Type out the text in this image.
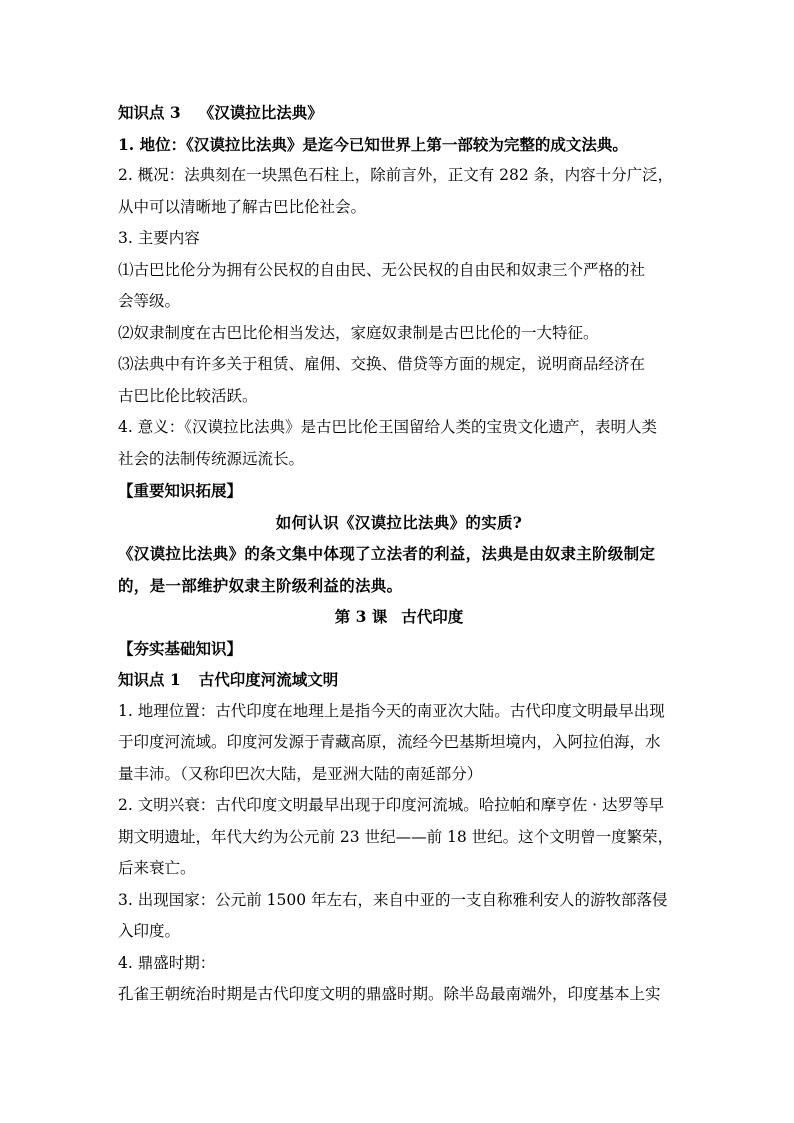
知识点 3 《汉谟拉比法典》
1. 地位：《汉谟拉比法典》是迄今已知世界上第一部较为完整的成文法典。
2. 概况：法典刻在一块黑色石柱上，除前言外，正文有 282 条，内容十分广泛，
从中可以清晰地了解古巴比伦社会。
3. 主要内容
⑴古巴比伦分为拥有公民权的自由民、无公民权的自由民和奴隶三个严格的社
会等级。
⑵奴隶制度在古巴比伦相当发达，家庭奴隶制是古巴比伦的一大特征。
⑶法典中有许多关于租赁、雇佣、交换、借贷等方面的规定，说明商品经济在
古巴比伦比较活跃。
4. 意义：《汉谟拉比法典》是古巴比伦王国留给人类的宝贵文化遗产，表明人类
社会的法制传统源远流长。
【重要知识拓展】
如何认识《汉谟拉比法典》的实质?
《汉谟拉比法典》的条文集中体现了立法者的利益，法典是由奴隶主阶级制定
的，是一部维护奴隶主阶级利益的法典。
第 3 课 古代印度
【夯实基础知识】
知识点 1 古代印度河流域文明
1. 地理位置：古代印度在地理上是指今天的南亚次大陆。古代印度文明最早出现
于印度河流域。印度河发源于青藏高原，流经今巴基斯坦境内，入阿拉伯海，水
量丰沛。（又称印巴次大陆，是亚洲大陆的南延部分）
2. 文明兴衰：古代印度文明最早出现于印度河流城。哈拉帕和摩亨佐 · 达罗等早
期文明遗址，年代大约为公元前 23 世纪——前 18 世纪。这个文明曾一度繁荣，
后来衰亡。
3. 出现国家：公元前 1500 年左右，来自中亚的一支自称雅利安人的游牧部落侵
入印度。
4. 鼎盛时期：
孔雀王朝统治时期是古代印度文明的鼎盛时期。除半岛最南端外，印度基本上实
